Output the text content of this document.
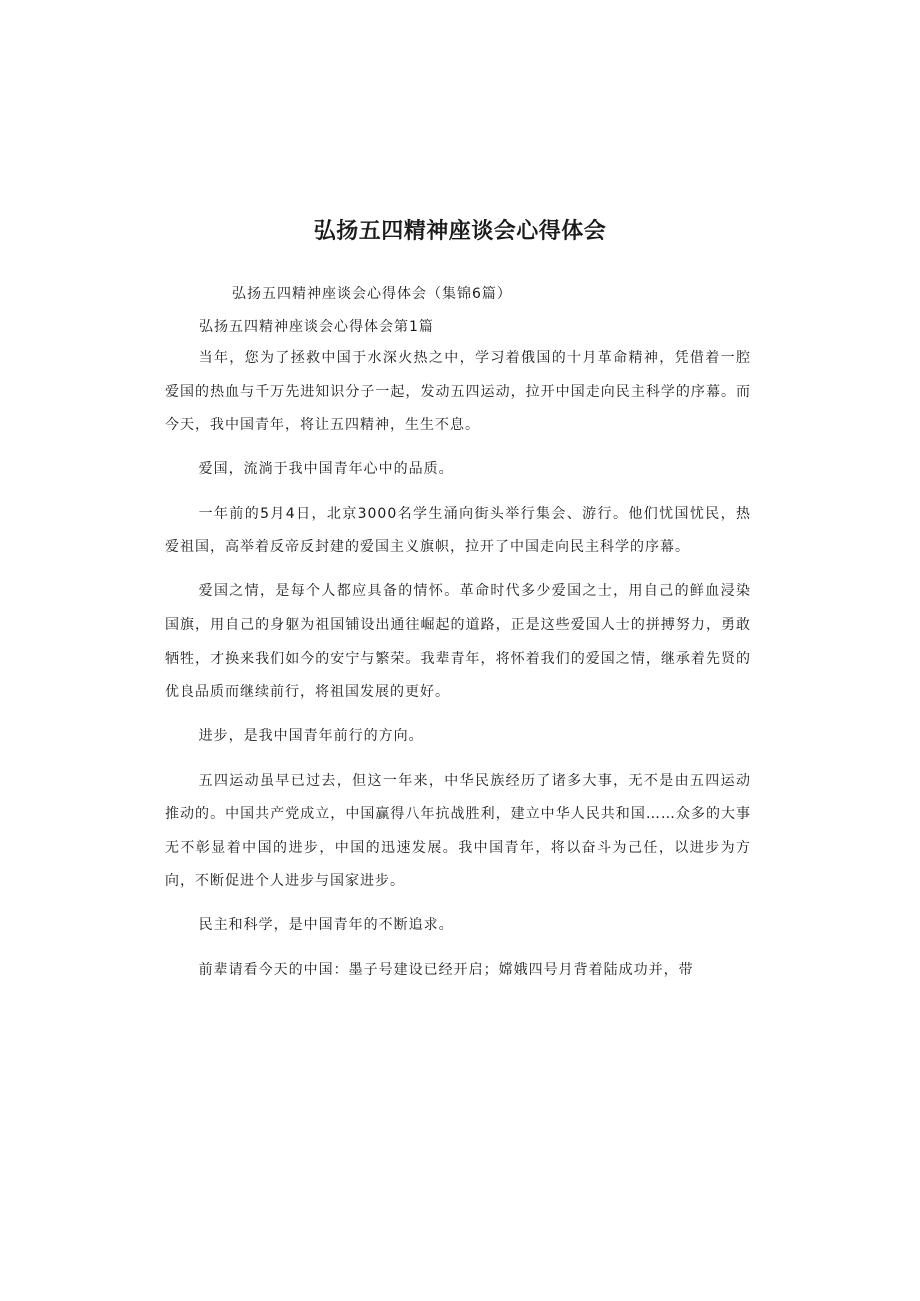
弘扬五四精神座谈会心得体会

弘扬五四精神座谈会心得体会（集锦6篇）

弘扬五四精神座谈会心得体会第1篇

当年，您为了拯救中国于水深火热之中，学习着俄国的十月革命精神，凭借着一腔爱国的热血与千万先进知识分子一起，发动五四运动，拉开中国走向民主科学的序幕。而今天，我中国青年，将让五四精神，生生不息。

爱国，流淌于我中国青年心中的品质。

一年前的5月4日，北京3000名学生涌向街头举行集会、游行。他们忧国忧民，热爱祖国，高举着反帝反封建的爱国主义旗帜，拉开了中国走向民主科学的序幕。

爱国之情，是每个人都应具备的情怀。革命时代多少爱国之士，用自己的鲜血浸染国旗，用自己的身躯为祖国铺设出通往崛起的道路，正是这些爱国人士的拼搏努力，勇敢牺牲，才换来我们如今的安宁与繁荣。我辈青年，将怀着我们的爱国之情，继承着先贤的优良品质而继续前行，将祖国发展的更好。

进步，是我中国青年前行的方向。

五四运动虽早已过去，但这一年来，中华民族经历了诸多大事，无不是由五四运动推动的。中国共产党成立，中国赢得八年抗战胜利，建立中华人民共和国……众多的大事无不彰显着中国的进步，中国的迅速发展。我中国青年，将以奋斗为己任，以进步为方向，不断促进个人进步与国家进步。

民主和科学，是中国青年的不断追求。

前辈请看今天的中国：墨子号建设已经开启；嫦娥四号月背着陆成功并，带
